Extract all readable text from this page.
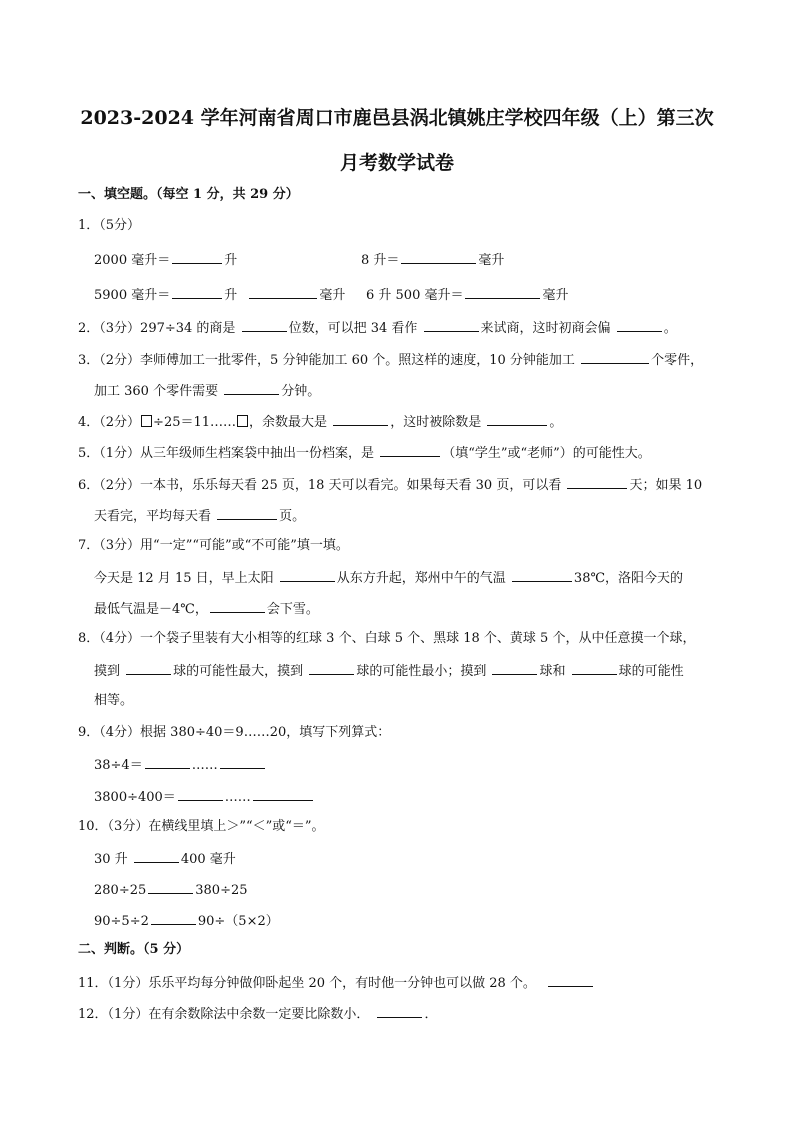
2023-2024 学年河南省周口市鹿邑县涡北镇姚庄学校四年级（上）第三次
月考数学试卷
一、填空题。（每空 1 分，共 29 分）
1．（5分）
2000 毫升＝	升	8 升＝	毫升
5900 毫升＝	升	毫升 6 升 500 毫升＝	毫升
2．（3分）297÷34 的商是	位数，可以把 34 看作	来试商，这时初商会偏	。
3．（2分）李师傅加工一批零件，5 分钟能加工 60 个。照这样的速度，10 分钟能加工	个零件，
加工 360 个零件需要	分钟。
4．（2分） ÷25＝11…… ，余数最大是	，这时被除数是	。
5．（1分）从三年级师生档案袋中抽出一份档案，是	（填“学生”或“老师”）的可能性大。
6．（2分）一本书，乐乐每天看 25 页，18 天可以看完。如果每天看 30 页，可以看	天；如果 10
天看完，平均每天看	页。
7．（3分）用“一定”“可能”或“不可能”填一填。
今天是 12 月 15 日，早上太阳	从东方升起，郑州中午的气温	38℃，洛阳今天的
最低气温是－4℃，	会下雪。
8．（4分）一个袋子里装有大小相等的红球 3 个、白球 5 个、黑球 18 个、黄球 5 个，从中任意摸一个球，
摸到	球的可能性最大，摸到	球的可能性最小；摸到	球和	球的可能性
相等。
9．（4分）根据 380÷40＝9……20，填写下列算式：
38÷4＝	……
3800÷400＝	……
10．（3分）在横线里填上＞”“＜”或“＝”。
30 升	400 毫升
280÷25	380÷25
90÷5÷2	90÷（5×2）
二、判断。（5 分）
11．（1分）乐乐平均每分钟做仰卧起坐 20 个，有时他一分钟也可以做 28 个。
12．（1分）在有余数除法中余数一定要比除数小．	．
